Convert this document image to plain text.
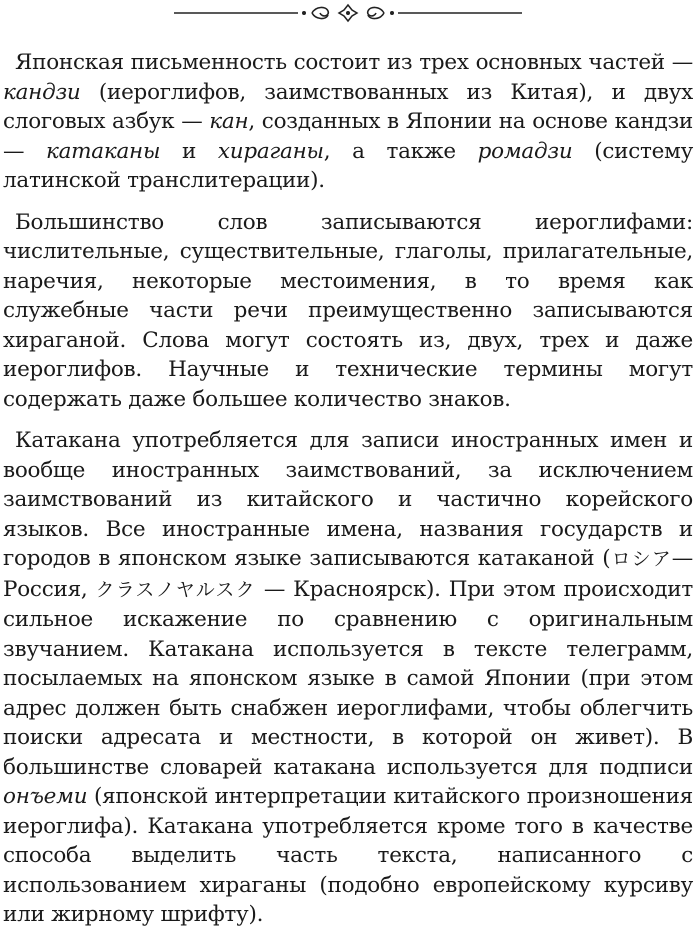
Японская письменность состоит из трех основных частей — кандзи (иероглифов, заимствованных из Китая), и двух слоговых азбук — кан, созданных в Японии на основе кандзи — катаканы и хираганы, а также ромадзи (систему латинской транслитерации).

Большинство слов записываются иероглифами: числительные, существительные, глаголы, прилагательные, наречия, некоторые местоимения, в то время как служебные части речи преимущественно записываются хираганой. Слова могут состоять из, двух, трех и даже иероглифов. Научные и технические термины могут содержать даже большее количество знаков.

Катакана употребляется для записи иностранных имен и вообще иностранных заимствований, за исключением заимствований из китайского и частично корейского языков. Все иностранные имена, названия государств и городов в японском языке записываются катаканой (ロシア— Россия, クラスノヤルスク — Красноярск). При этом происходит сильное искажение по сравнению с оригинальным звучанием. Катакана используется в тексте телеграмм, посылаемых на японском языке в самой Японии (при этом адрес должен быть снабжен иероглифами, чтобы облегчить поиски адресата и местности, в которой он живет). В большинстве словарей катакана используется для подписи онъеми (японской интерпретации китайского произношения иероглифа). Катакана употребляется кроме того в качестве способа выделить часть текста, написанного с использованием хираганы (подобно европейскому курсиву или жирному шрифту).
